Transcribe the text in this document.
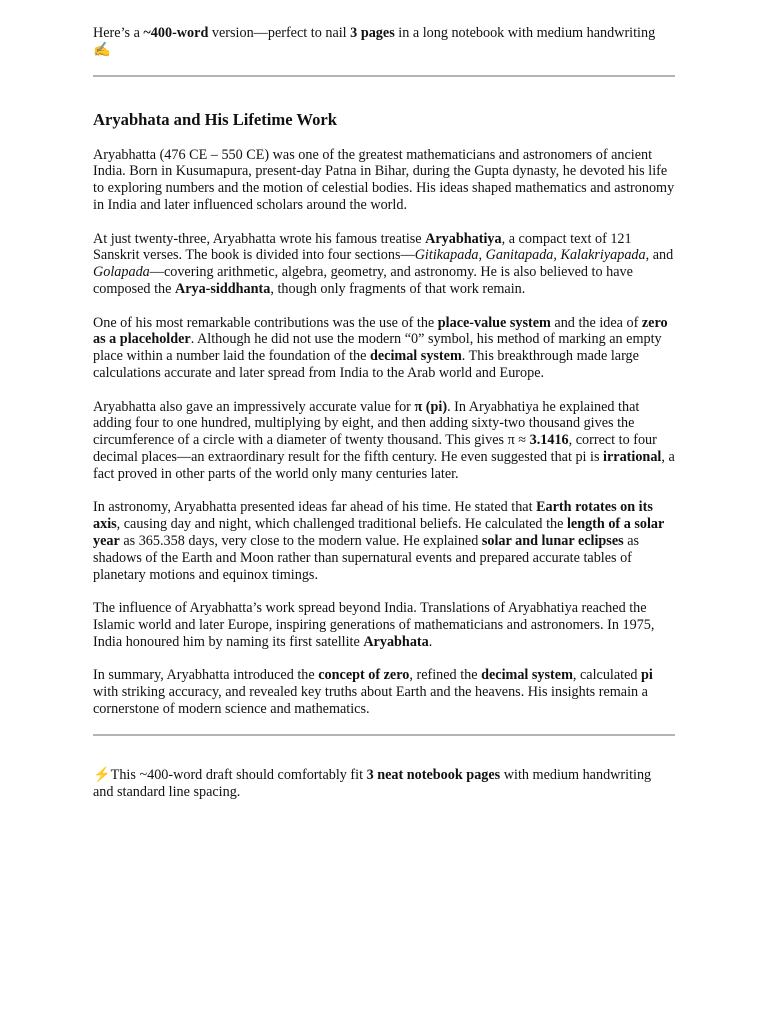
Here’s a ~400-word version—perfect to nail 3 pages in a long notebook with medium handwriting ✍️

Aryabhata and His Lifetime Work

Aryabhatta (476 CE – 550 CE) was one of the greatest mathematicians and astronomers of ancient India. Born in Kusumapura, present-day Patna in Bihar, during the Gupta dynasty, he devoted his life to exploring numbers and the motion of celestial bodies. His ideas shaped mathematics and astronomy in India and later influenced scholars around the world.

At just twenty-three, Aryabhatta wrote his famous treatise Aryabhatiya, a compact text of 121 Sanskrit verses. The book is divided into four sections—Gitikapada, Ganitapada, Kalakriyapada, and Golapada—covering arithmetic, algebra, geometry, and astronomy. He is also believed to have composed the Arya-siddhanta, though only fragments of that work remain.

One of his most remarkable contributions was the use of the place-value system and the idea of zero as a placeholder. Although he did not use the modern “0” symbol, his method of marking an empty place within a number laid the foundation of the decimal system. This breakthrough made large calculations accurate and later spread from India to the Arab world and Europe.

Aryabhatta also gave an impressively accurate value for π (pi). In Aryabhatiya he explained that adding four to one hundred, multiplying by eight, and then adding sixty-two thousand gives the circumference of a circle with a diameter of twenty thousand. This gives π ≈ 3.1416, correct to four decimal places—an extraordinary result for the fifth century. He even suggested that pi is irrational, a fact proved in other parts of the world only many centuries later.

In astronomy, Aryabhatta presented ideas far ahead of his time. He stated that Earth rotates on its axis, causing day and night, which challenged traditional beliefs. He calculated the length of a solar year as 365.358 days, very close to the modern value. He explained solar and lunar eclipses as shadows of the Earth and Moon rather than supernatural events and prepared accurate tables of planetary motions and equinox timings.

The influence of Aryabhatta’s work spread beyond India. Translations of Aryabhatiya reached the Islamic world and later Europe, inspiring generations of mathematicians and astronomers. In 1975, India honoured him by naming its first satellite Aryabhata.

In summary, Aryabhatta introduced the concept of zero, refined the decimal system, calculated pi with striking accuracy, and revealed key truths about Earth and the heavens. His insights remain a cornerstone of modern science and mathematics.

⚡This ~400-word draft should comfortably fit 3 neat notebook pages with medium handwriting and standard line spacing.
